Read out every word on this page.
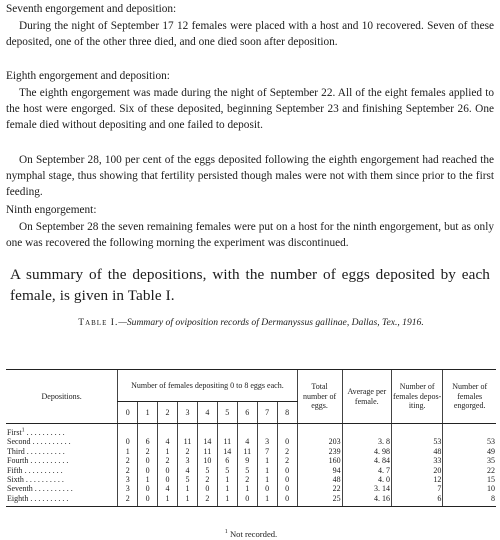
Seventh engorgement and deposition:

During the night of September 17 12 females were placed with a host and 10 recovered. Seven of these deposited, one of the other three died, and one died soon after deposition.

Eighth engorgement and deposition:

The eighth engorgement was made during the night of September 22. All of the eight females applied to the host were engorged. Six of these deposited, beginning September 23 and finishing September 26. One female died without depositing and one failed to deposit.

On September 28, 100 per cent of the eggs deposited following the eighth engorgement had reached the nymphal stage, thus showing that fertility persisted though males were not with them since prior to the first feeding.

Ninth engorgement:

On September 28 the seven remaining females were put on a host for the ninth engorgement, but as only one was recovered the following morning the experiment was discontinued.

A summary of the depositions, with the number of eggs deposited by each female, is given in Table I.

Table I.—Summary of oviposition records of Dermanyssus gallinae, Dallas, Tex., 1916.

Depositions.	Number of females depositing 0 to 8 eggs each.									Total number of eggs.	Average per female.	Number of females depositing.	Number of females engorged.
	0	1	2	3	4	5	6	7	8				
First$^1$ . . . . . . . . . .													
Second . . . . . . . . . .	0	6	4	11	14	11	4	3	0	203	3. 8	53	53
Third . . . . . . . . . .	1	2	1	2	11	14	11	7	2	239	4. 98	48	49
Fourth . . . . . . . . . .	2	0	2	3	10	6	9	1	2	160	4. 84	33	35
Fifth . . . . . . . . . .	2	0	0	4	5	5	5	1	0	94	4. 7	20	22
Sixth . . . . . . . . . .	3	1	0	5	2	1	2	1	0	48	4. 0	12	15
Seventh . . . . . . . . . .	3	0	4	1	0	1	1	0	0	22	3. 14	7	10
Eighth . . . . . . . . . .	2	0	1	1	2	1	0	1	0	25	4. 16	6	8

$^1$ Not recorded.
